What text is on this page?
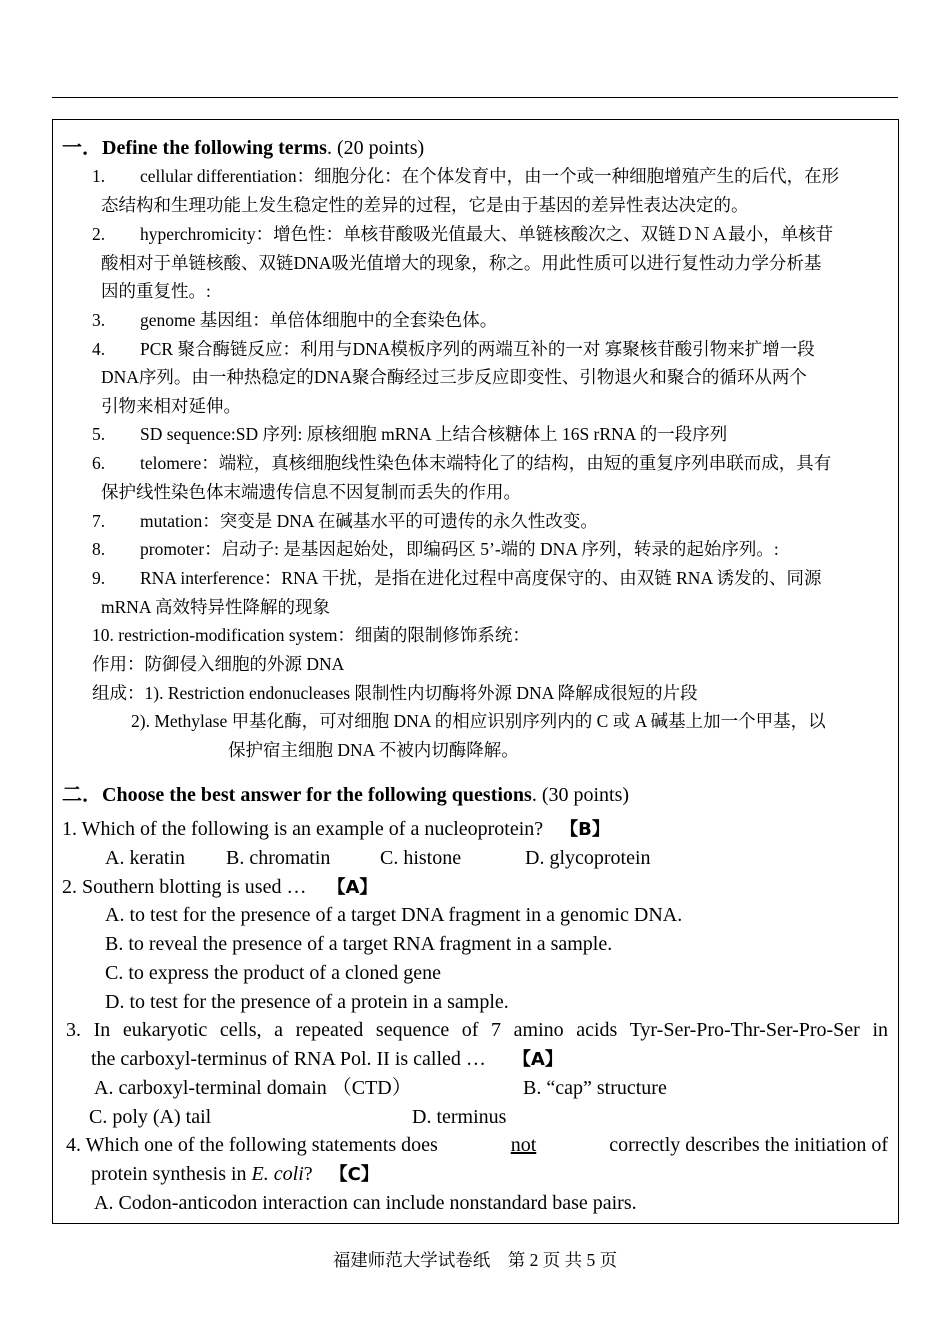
一．Define the following terms. (20 points)
1. cellular differentiation：细胞分化：在个体发育中，由一个或一种细胞增殖产生的后代，在形
态结构和生理功能上发生稳定性的差异的过程，它是由于基因的差异性表达决定的。
2. hyperchromicity：增色性：单核苷酸吸光值最大、单链核酸次之、双链ＤＮＡ最小，单核苷
酸相对于单链核酸、双链DNA吸光值增大的现象，称之。用此性质可以进行复性动力学分析基
因的重复性。:
3. genome 基因组：单倍体细胞中的全套染色体。
4. PCR 聚合酶链反应：利用与DNA模板序列的两端互补的一对 寡聚核苷酸引物来扩增一段
DNA序列。由一种热稳定的DNA聚合酶经过三步反应即变性、引物退火和聚合的循环从两个
引物来相对延伸。
5. SD sequence:SD 序列: 原核细胞 mRNA 上结合核糖体上 16S rRNA 的一段序列
6. telomere：端粒，真核细胞线性染色体末端特化了的结构，由短的重复序列串联而成，具有
保护线性染色体末端遗传信息不因复制而丢失的作用。
7. mutation：突变是 DNA 在碱基水平的可遗传的永久性改变。
8. promoter：启动子: 是基因起始处，即编码区 5’-端的 DNA 序列，转录的起始序列。:
9. RNA interference：RNA 干扰，是指在进化过程中高度保守的、由双链 RNA 诱发的、同源
mRNA 高效特异性降解的现象
10. restriction-modification system：细菌的限制修饰系统：
作用：防御侵入细胞的外源 DNA
组成：1). Restriction endonucleases 限制性内切酶将外源 DNA 降解成很短的片段
2). Methylase 甲基化酶，可对细胞 DNA 的相应识别序列内的 C 或 A 碱基上加一个甲基，以
保护宿主细胞 DNA 不被内切酶降解。
二．Choose the best answer for the following questions. (30 points)
1. Which of the following is an example of a nucleoprotein? 【B】
A. keratin B. chromatin C. histone	D. glycoprotein
2. Southern blotting is used … 【A】
A. to test for the presence of a target DNA fragment in a genomic DNA.
B. to reveal the presence of a target RNA fragment in a sample.
C. to express the product of a cloned gene
D. to test for the presence of a protein in a sample.
3. In eukaryotic cells, a repeated sequence of 7 amino acids Tyr-Ser-Pro-Thr-Ser-Pro-Ser in
the carboxyl-terminus of RNA Pol. II is called … 【A】
A. carboxyl-terminal domain （CTD）	B. “cap” structure
C. poly (A) tail	D. terminus
4. Which one of the following statements does	not	correctly describes the initiation of
protein synthesis in E. coli? 【C】
A. Codon-anticodon interaction can include nonstandard base pairs.
福建师范大学试卷纸　第 2 页 共 5 页
